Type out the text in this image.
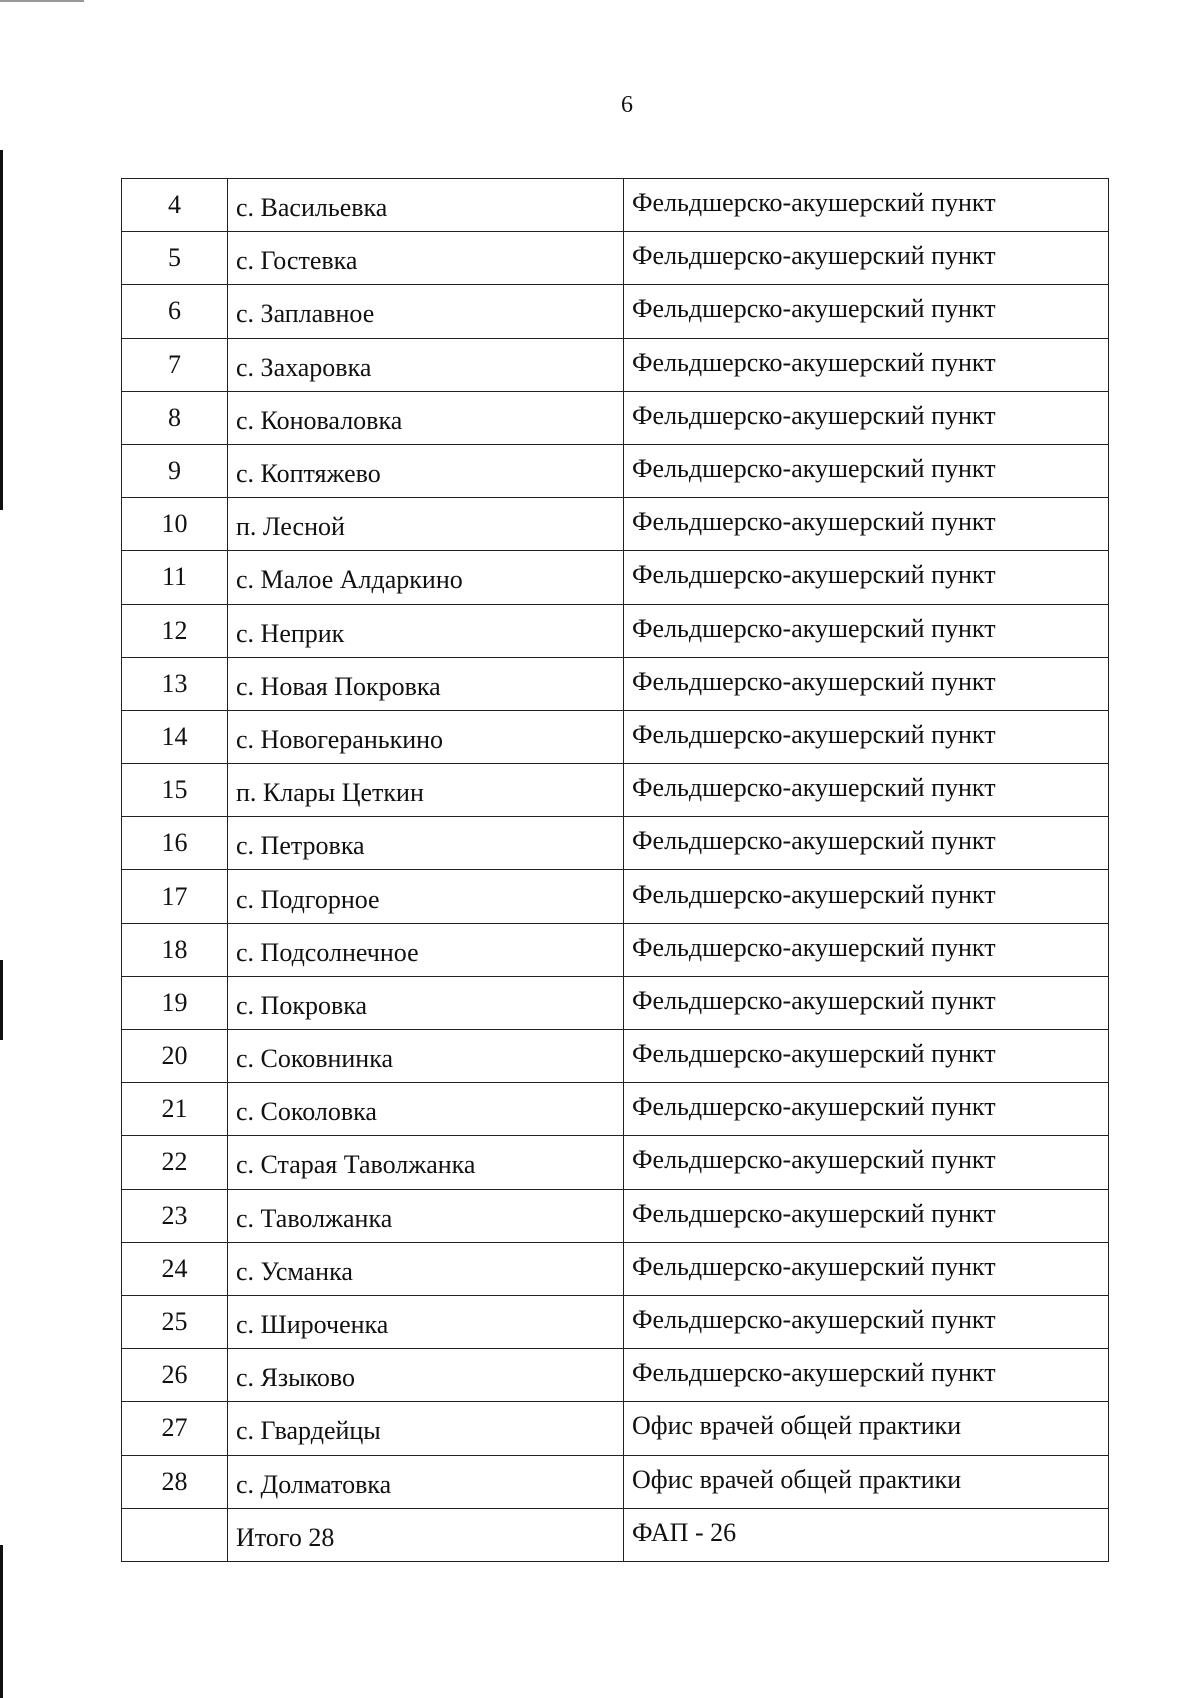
6
4	с. Васильевка	Фельдшерско-акушерский пункт
5	с. Гостевка	Фельдшерско-акушерский пункт
6	с. Заплавное	Фельдшерско-акушерский пункт
7	с. Захаровка	Фельдшерско-акушерский пункт
8	с. Коноваловка	Фельдшерско-акушерский пункт
9	с. Коптяжево	Фельдшерско-акушерский пункт
10	п. Лесной	Фельдшерско-акушерский пункт
11	с. Малое Алдаркино	Фельдшерско-акушерский пункт
12	с. Неприк	Фельдшерско-акушерский пункт
13	с. Новая Покровка	Фельдшерско-акушерский пункт
14	с. Новогеранькино	Фельдшерско-акушерский пункт
15	п. Клары Цеткин	Фельдшерско-акушерский пункт
16	с. Петровка	Фельдшерско-акушерский пункт
17	с. Подгорное	Фельдшерско-акушерский пункт
18	с. Подсолнечное	Фельдшерско-акушерский пункт
19	с. Покровка	Фельдшерско-акушерский пункт
20	с. Соковнинка	Фельдшерско-акушерский пункт
21	с. Соколовка	Фельдшерско-акушерский пункт
22	с. Старая Таволжанка	Фельдшерско-акушерский пункт
23	с. Таволжанка	Фельдшерско-акушерский пункт
24	с. Усманка	Фельдшерско-акушерский пункт
25	с. Широченка	Фельдшерско-акушерский пункт
26	с. Языково	Фельдшерско-акушерский пункт
27	с. Гвардейцы	Офис врачей общей практики
28	с. Долматовка	Офис врачей общей практики
	Итого 28	ФАП - 26
